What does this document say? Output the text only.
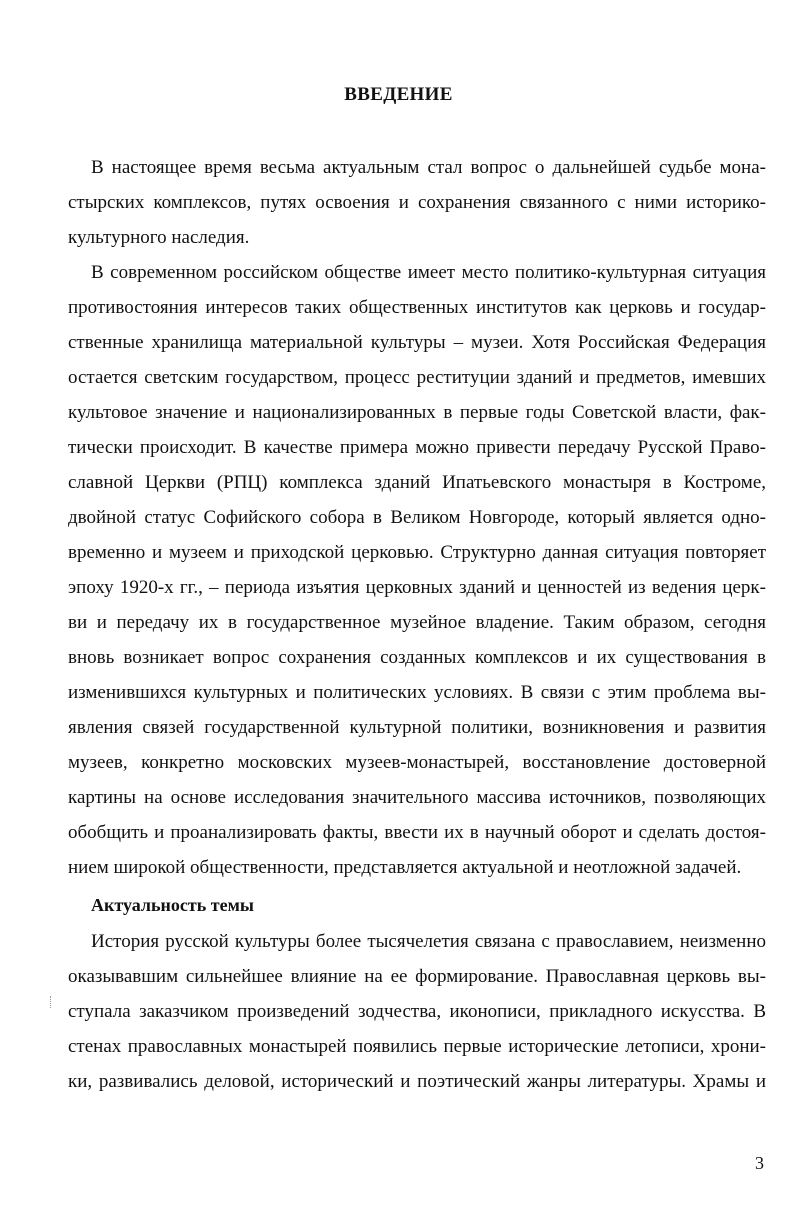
ВВЕДЕНИЕ
В настоящее время весьма актуальным стал вопрос о дальнейшей судьбе мона-
стырских комплексов, путях освоения и сохранения связанного с ними историко-
культурного наследия.
В современном российском обществе имеет место политико-культурная ситуация
противостояния интересов таких общественных институтов как церковь и государ-
ственные хранилища материальной культуры – музеи. Хотя Российская Федерация
остается светским государством, процесс реституции зданий и предметов, имевших
культовое значение и национализированных в первые годы Советской власти, фак-
тически происходит. В качестве примера можно привести передачу Русской Право-
славной Церкви (РПЦ) комплекса зданий Ипатьевского монастыря в Костроме,
двойной статус Софийского собора в Великом Новгороде, который является одно-
временно и музеем и приходской церковью. Структурно данная ситуация повторяет
эпоху 1920-х гг., – периода изъятия церковных зданий и ценностей из ведения церк-
ви и передачу их в государственное музейное владение. Таким образом, сегодня
вновь возникает вопрос сохранения созданных комплексов и их существования в
изменившихся культурных и политических условиях. В связи с этим проблема вы-
явления связей государственной культурной политики, возникновения и развития
музеев, конкретно московских музеев-монастырей, восстановление достоверной
картины на основе исследования значительного массива источников, позволяющих
обобщить и проанализировать факты, ввести их в научный оборот и сделать достоя-
нием широкой общественности, представляется актуальной и неотложной задачей.
Актуальность темы
История русской культуры более тысячелетия связана с православием, неизменно
оказывавшим сильнейшее влияние на ее формирование. Православная церковь вы-
ступала заказчиком произведений зодчества, иконописи, прикладного искусства. В
стенах православных монастырей появились первые исторические летописи, хрони-
ки, развивались деловой, исторический и поэтический жанры литературы. Храмы и
3
